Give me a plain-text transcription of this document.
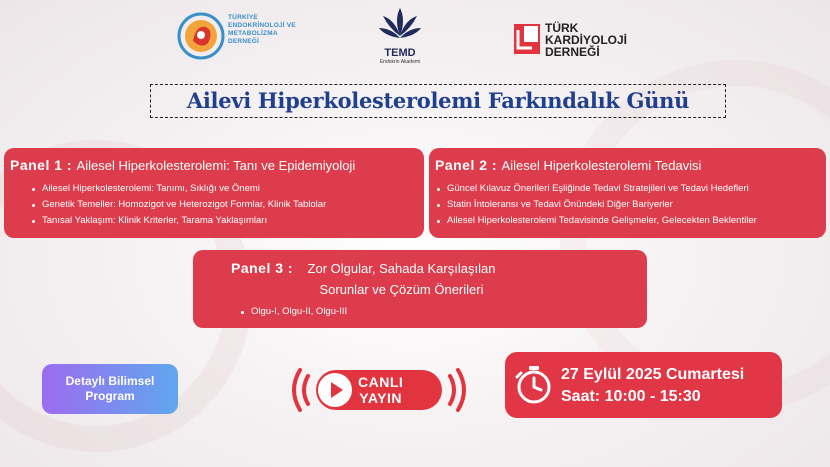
TÜRKİYE ENDOKRİNOLOJİ VE METABOLİZMA DERNEĞİ
TEMD
Endokrin Akademi
TÜRK KARDİYOLOJİ DERNEĞİ
Ailevi Hiperkolesterolemi Farkındalık Günü
Panel 1 : Ailesel Hiperkolesterolemi: Tanı ve Epidemiyoloji
Ailesel Hiperkolesterolemi: Tanımı, Sıklığı ve Önemi
Genetik Temeller: Homozigot ve Heterozigot Formlar, Klinik Tablolar
Tanısal Yaklaşım: Klinik Kriterler, Tarama Yaklaşımları
Panel 2 : Ailesel Hiperkolesterolemi Tedavisi
Güncel Kılavuz Önerileri Eşliğinde Tedavi Stratejileri ve Tedavi Hedefleri
Statin İntoleransı ve Tedavi Önündeki Diğer Bariyerler
Ailesel Hiperkolesterolemi Tedavisinde Gelişmeler, Gelecekten Beklentiler
Panel 3 : Zor Olgular, Sahada Karşılaşılan
Sorunlar ve Çözüm Önerileri
Olgu-I, Olgu-II, Olgu-III
Detaylı Bilimsel
Program
CANLI
YAYIN
27 Eylül 2025 Cumartesi
Saat: 10:00 - 15:30
